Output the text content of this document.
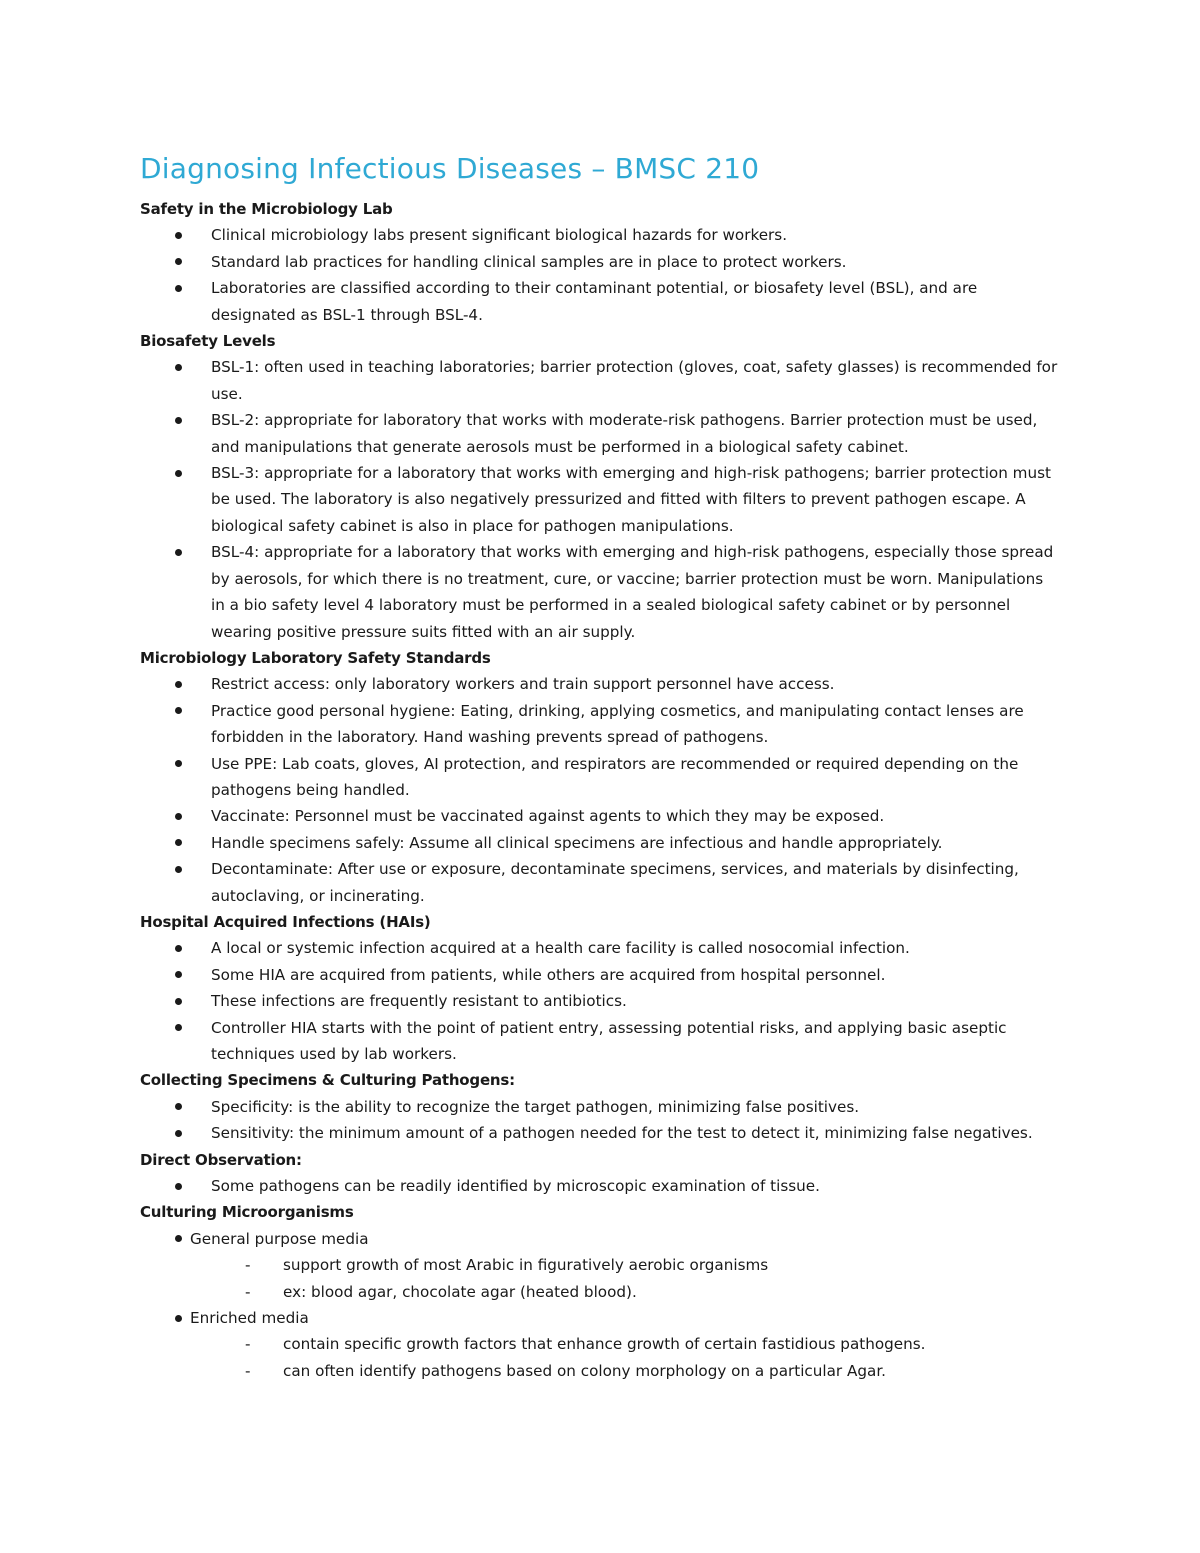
Diagnosing Infectious Diseases – BMSC 210
Safety in the Microbiology Lab
Clinical microbiology labs present significant biological hazards for workers.
Standard lab practices for handling clinical samples are in place to protect workers.
Laboratories are classified according to their contaminant potential, or biosafety level (BSL), and are designated as BSL-1 through BSL-4.
Biosafety Levels
BSL-1: often used in teaching laboratories; barrier protection (gloves, coat, safety glasses) is recommended for use.
BSL-2: appropriate for laboratory that works with moderate-risk pathogens. Barrier protection must be used, and manipulations that generate aerosols must be performed in a biological safety cabinet.
BSL-3: appropriate for a laboratory that works with emerging and high-risk pathogens; barrier protection must be used. The laboratory is also negatively pressurized and fitted with filters to prevent pathogen escape. A biological safety cabinet is also in place for pathogen manipulations.
BSL-4: appropriate for a laboratory that works with emerging and high-risk pathogens, especially those spread by aerosols, for which there is no treatment, cure, or vaccine; barrier protection must be worn. Manipulations in a bio safety level 4 laboratory must be performed in a sealed biological safety cabinet or by personnel wearing positive pressure suits fitted with an air supply.
Microbiology Laboratory Safety Standards
Restrict access: only laboratory workers and train support personnel have access.
Practice good personal hygiene: Eating, drinking, applying cosmetics, and manipulating contact lenses are forbidden in the laboratory. Hand washing prevents spread of pathogens.
Use PPE: Lab coats, gloves, AI protection, and respirators are recommended or required depending on the pathogens being handled.
Vaccinate: Personnel must be vaccinated against agents to which they may be exposed.
Handle specimens safely: Assume all clinical specimens are infectious and handle appropriately.
Decontaminate: After use or exposure, decontaminate specimens, services, and materials by disinfecting, autoclaving, or incinerating.
Hospital Acquired Infections (HAIs)
A local or systemic infection acquired at a health care facility is called nosocomial infection.
Some HIA are acquired from patients, while others are acquired from hospital personnel.
These infections are frequently resistant to antibiotics.
Controller HIA starts with the point of patient entry, assessing potential risks, and applying basic aseptic techniques used by lab workers.
Collecting Specimens & Culturing Pathogens:
Specificity: is the ability to recognize the target pathogen, minimizing false positives.
Sensitivity: the minimum amount of a pathogen needed for the test to detect it, minimizing false negatives.
Direct Observation:
Some pathogens can be readily identified by microscopic examination of tissue.
Culturing Microorganisms
General purpose media
- support growth of most Arabic in figuratively aerobic organisms
- ex: blood agar, chocolate agar (heated blood).
Enriched media
- contain specific growth factors that enhance growth of certain fastidious pathogens.
- can often identify pathogens based on colony morphology on a particular Agar.
